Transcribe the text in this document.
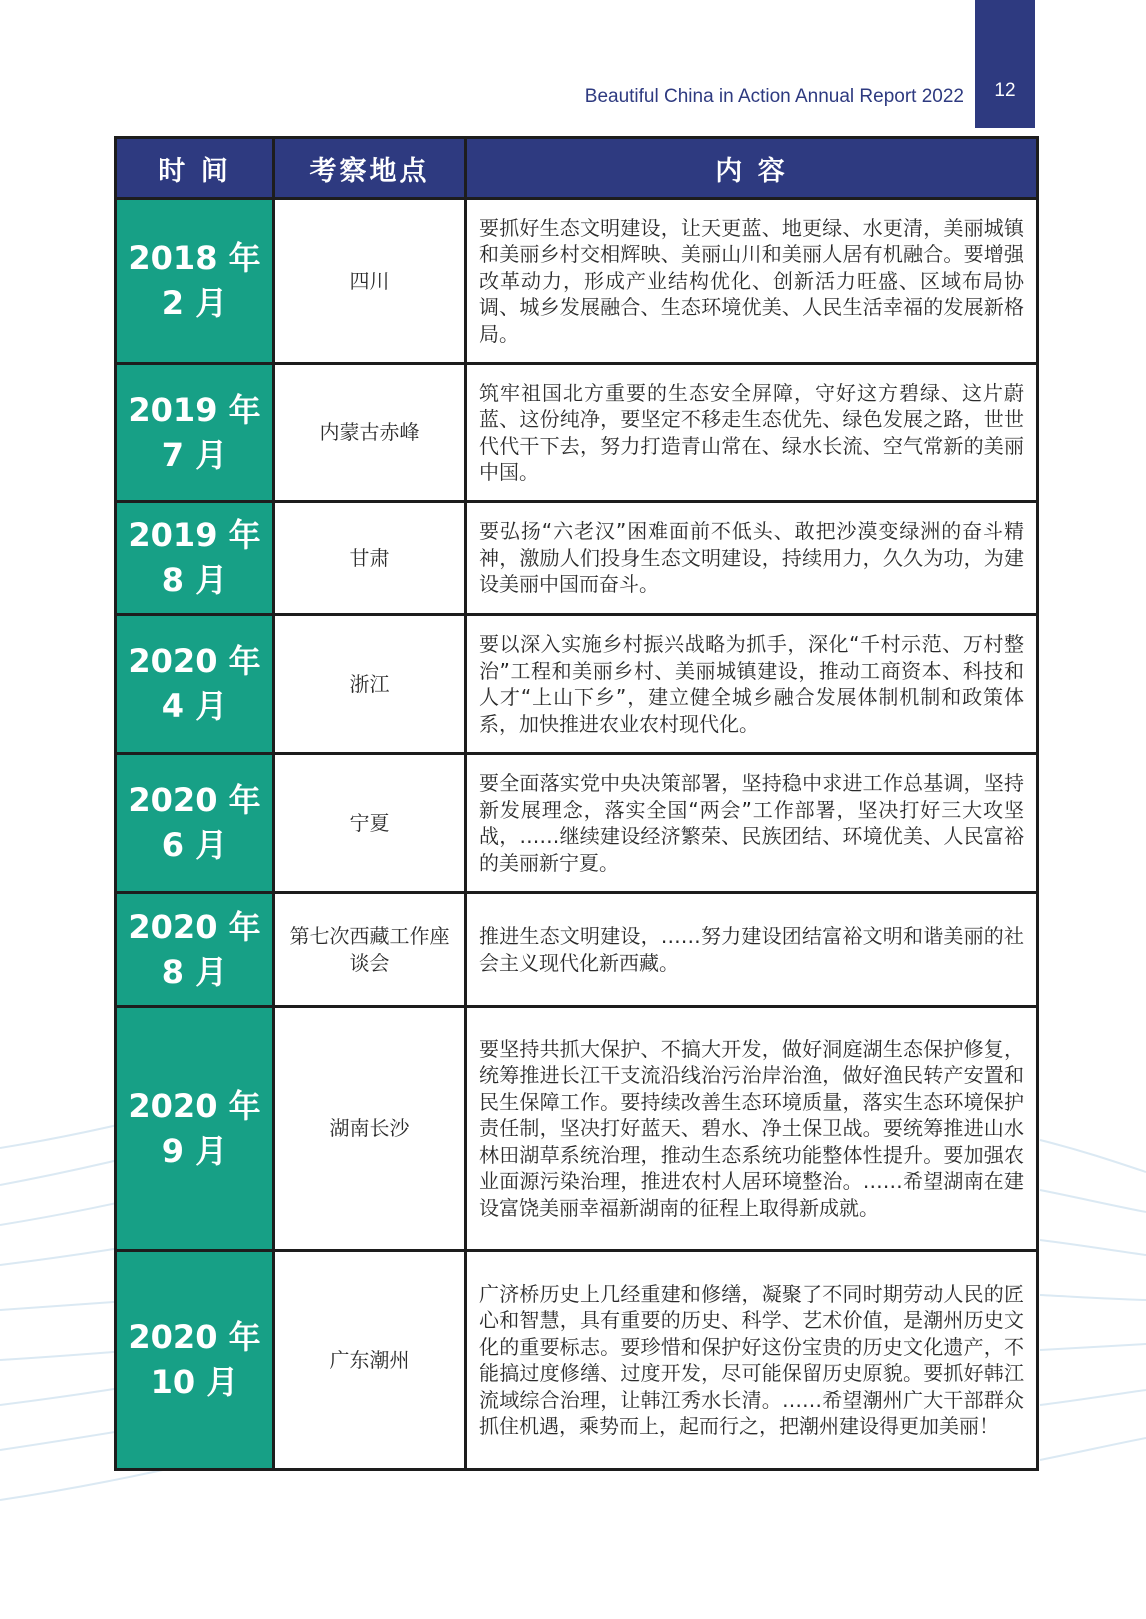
12
Beautiful China in Action Annual Report 2022
时 间	考察地点	内 容

2018 年
2 月	四川	要抓好生态文明建设，让天更蓝、地更绿、水更清，美丽城镇和美丽乡村交相辉映、美丽山川和美丽人居有机融合。要增强改革动力，形成产业结构优化、创新活力旺盛、区域布局协调、城乡发展融合、生态环境优美、人民生活幸福的发展新格局。

2019 年
7 月	内蒙古赤峰	筑牢祖国北方重要的生态安全屏障，守好这方碧绿、这片蔚蓝、这份纯净，要坚定不移走生态优先、绿色发展之路，世世代代干下去，努力打造青山常在、绿水长流、空气常新的美丽中国。

2019 年
8 月	甘肃	要弘扬“六老汉”困难面前不低头、敢把沙漠变绿洲的奋斗精神，激励人们投身生态文明建设，持续用力，久久为功，为建设美丽中国而奋斗。

2020 年
4 月	浙江	要以深入实施乡村振兴战略为抓手，深化“千村示范、万村整治”工程和美丽乡村、美丽城镇建设，推动工商资本、科技和人才“上山下乡”，建立健全城乡融合发展体制机制和政策体系，加快推进农业农村现代化。

2020 年
6 月	宁夏	要全面落实党中央决策部署，坚持稳中求进工作总基调，坚持新发展理念，落实全国“两会”工作部署，坚决打好三大攻坚战，……继续建设经济繁荣、民族团结、环境优美、人民富裕的美丽新宁夏。

2020 年
8 月	第七次西藏工作座谈会	推进生态文明建设，……努力建设团结富裕文明和谐美丽的社会主义现代化新西藏。

2020 年
9 月	湖南长沙	要坚持共抓大保护、不搞大开发，做好洞庭湖生态保护修复，统筹推进长江干支流沿线治污治岸治渔，做好渔民转产安置和民生保障工作。要持续改善生态环境质量，落实生态环境保护责任制，坚决打好蓝天、碧水、净土保卫战。要统筹推进山水林田湖草系统治理，推动生态系统功能整体性提升。要加强农业面源污染治理，推进农村人居环境整治。……希望湖南在建设富饶美丽幸福新湖南的征程上取得新成就。

2020 年
10 月	广东潮州	广济桥历史上几经重建和修缮，凝聚了不同时期劳动人民的匠心和智慧，具有重要的历史、科学、艺术价值，是潮州历史文化的重要标志。要珍惜和保护好这份宝贵的历史文化遗产，不能搞过度修缮、过度开发，尽可能保留历史原貌。要抓好韩江流域综合治理，让韩江秀水长清。……希望潮州广大干部群众抓住机遇，乘势而上，起而行之，把潮州建设得更加美丽！
